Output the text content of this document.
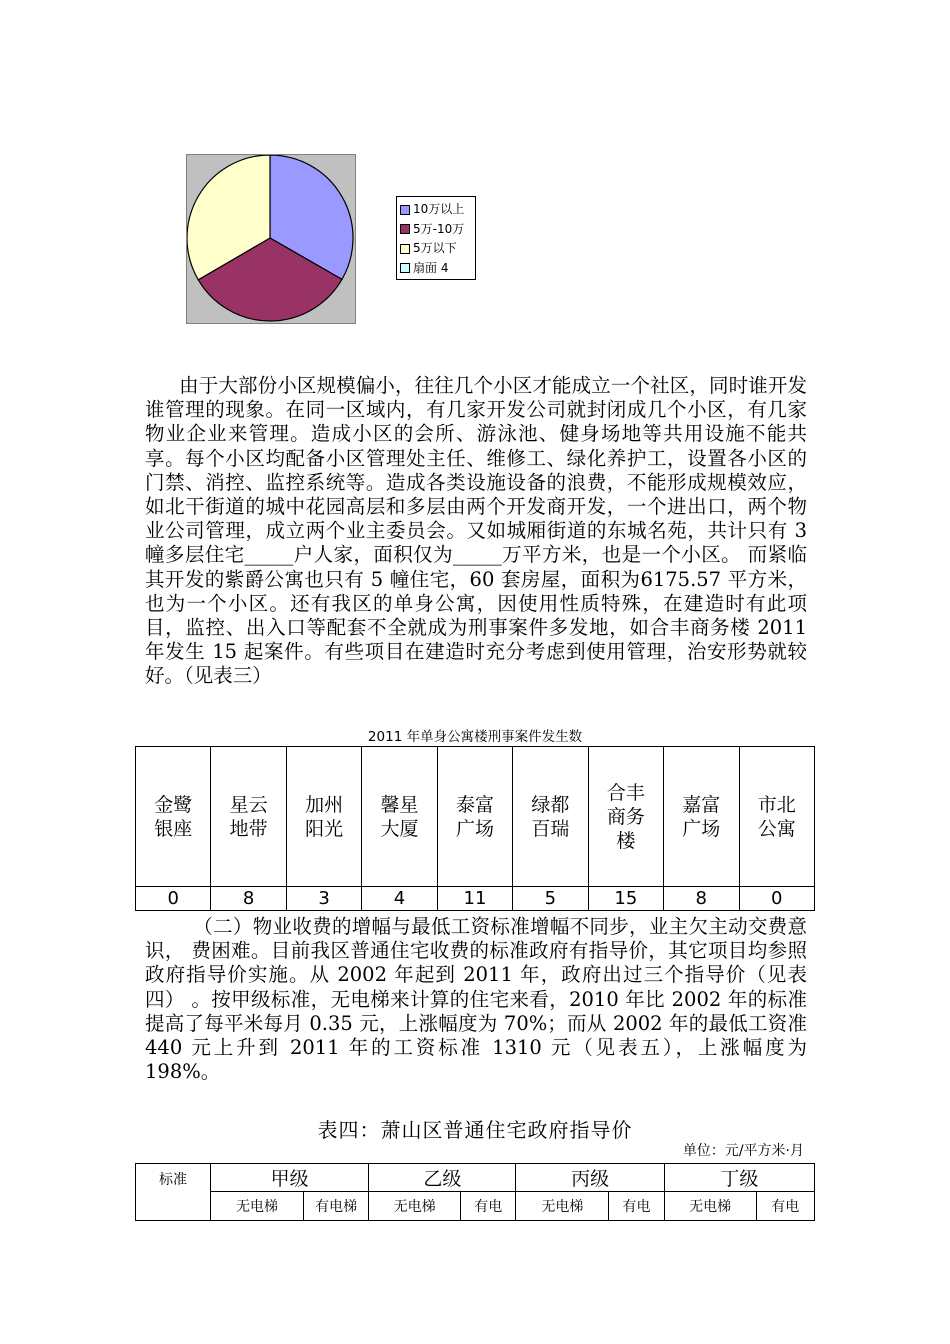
10万以上
5万-10万
5万以下
扇面 4

由于大部份小区规模偏小，往往几个小区才能成立一个社区，同时谁开发谁管理的现象。在同一区域内，有几家开发公司就封闭成几个小区，有几家物业企业来管理。造成小区的会所、游泳池、健身场地等共用设施不能共享。每个小区均配备小区管理处主任、维修工、绿化养护工，设置各小区的门禁、消控、监控系统等。造成各类设施设备的浪费，不能形成规模效应，如北干街道的城中花园高层和多层由两个开发商开发，一个进出口，两个物业公司管理，成立两个业主委员会。又如城厢街道的东城名苑，共计只有 3 幢多层住宅_____户人家，面积仅为_____万平方米，也是一个小区。 而紧临其开发的紫爵公寓也只有 5 幢住宅，60 套房屋，面积为6175.57 平方米，也为一个小区。还有我区的单身公寓，因使用性质特殊，在建造时有此项目，监控、出入口等配套不全就成为刑事案件多发地，如合丰商务楼 2011 年发生 15 起案件。有些项目在建造时充分考虑到使用管理，治安形势就较好。（见表三）

2011 年单身公寓楼刑事案件发生数
金鹭银座	星云地带	加州阳光	馨星大厦	泰富广场	绿都百瑞	合丰商务楼	嘉富广场	市北公寓
0	8	3	4	11	5	15	8	0

（二）物业收费的增幅与最低工资标准增幅不同步，业主欠主动交费意识， 费困难。目前我区普通住宅收费的标准政府有指导价，其它项目均参照政府指导价实施。从 2002 年起到 2011 年，政府出过三个指导价（见表四） 。按甲级标准，无电梯来计算的住宅来看，2010 年比 2002 年的标准提高了每平米每月 0.35 元，上涨幅度为 70%；而从 2002 年的最低工资准 440 元上升到 2011 年的工资标准 1310 元（见表五），上涨幅度为 198%。

表四：萧山区普通住宅政府指导价
单位：元/平方米·月
标准	甲级		乙级		丙级		丁级	
	无电梯	有电梯	无电梯	有电	无电梯	有电	无电梯	有电
